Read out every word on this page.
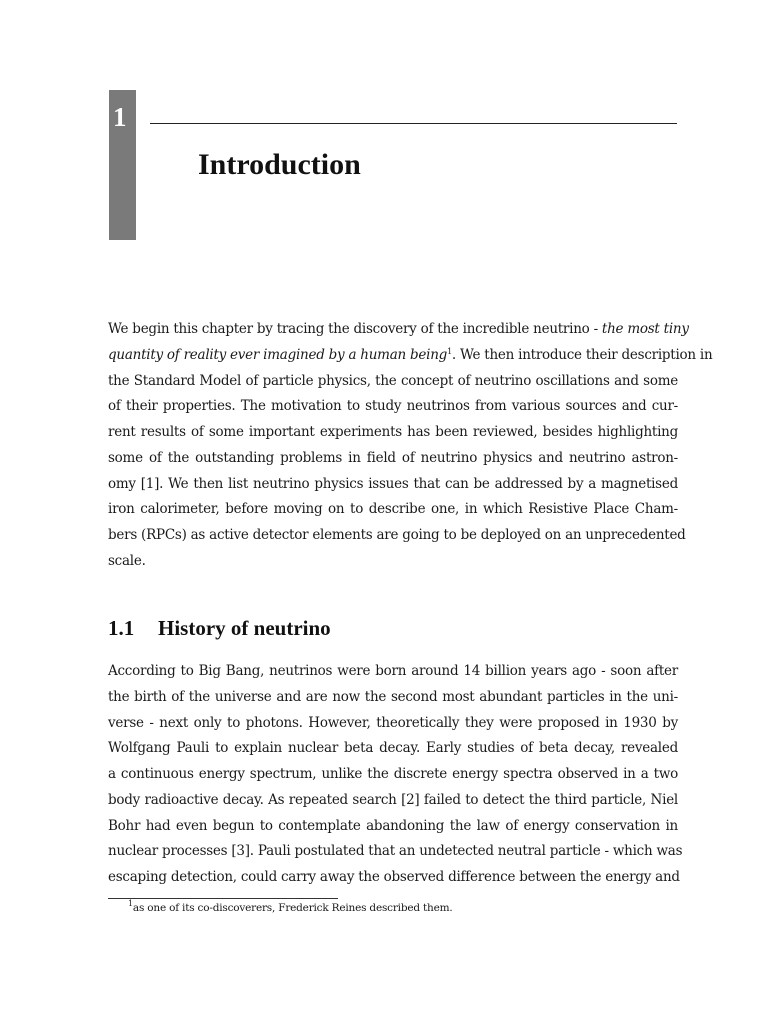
1
Introduction
We begin this chapter by tracing the discovery of the incredible neutrino - the most tiny
quantity of reality ever imagined by a human being$^1$. We then introduce their description in
the Standard Model of particle physics, the concept of neutrino oscillations and some
of their properties. The motivation to study neutrinos from various sources and cur-
rent results of some important experiments has been reviewed, besides highlighting
some of the outstanding problems in field of neutrino physics and neutrino astron-
omy [1]. We then list neutrino physics issues that can be addressed by a magnetised
iron calorimeter, before moving on to describe one, in which Resistive Place Cham-
bers (RPCs) as active detector elements are going to be deployed on an unprecedented
scale.
1.1 History of neutrino
According to Big Bang, neutrinos were born around 14 billion years ago - soon after
the birth of the universe and are now the second most abundant particles in the uni-
verse - next only to photons. However, theoretically they were proposed in 1930 by
Wolfgang Pauli to explain nuclear beta decay. Early studies of beta decay, revealed
a continuous energy spectrum, unlike the discrete energy spectra observed in a two
body radioactive decay. As repeated search [2] failed to detect the third particle, Niel
Bohr had even begun to contemplate abandoning the law of energy conservation in
nuclear processes [3]. Pauli postulated that an undetected neutral particle - which was
escaping detection, could carry away the observed difference between the energy and
$^1$as one of its co-discoverers, Frederick Reines described them.
